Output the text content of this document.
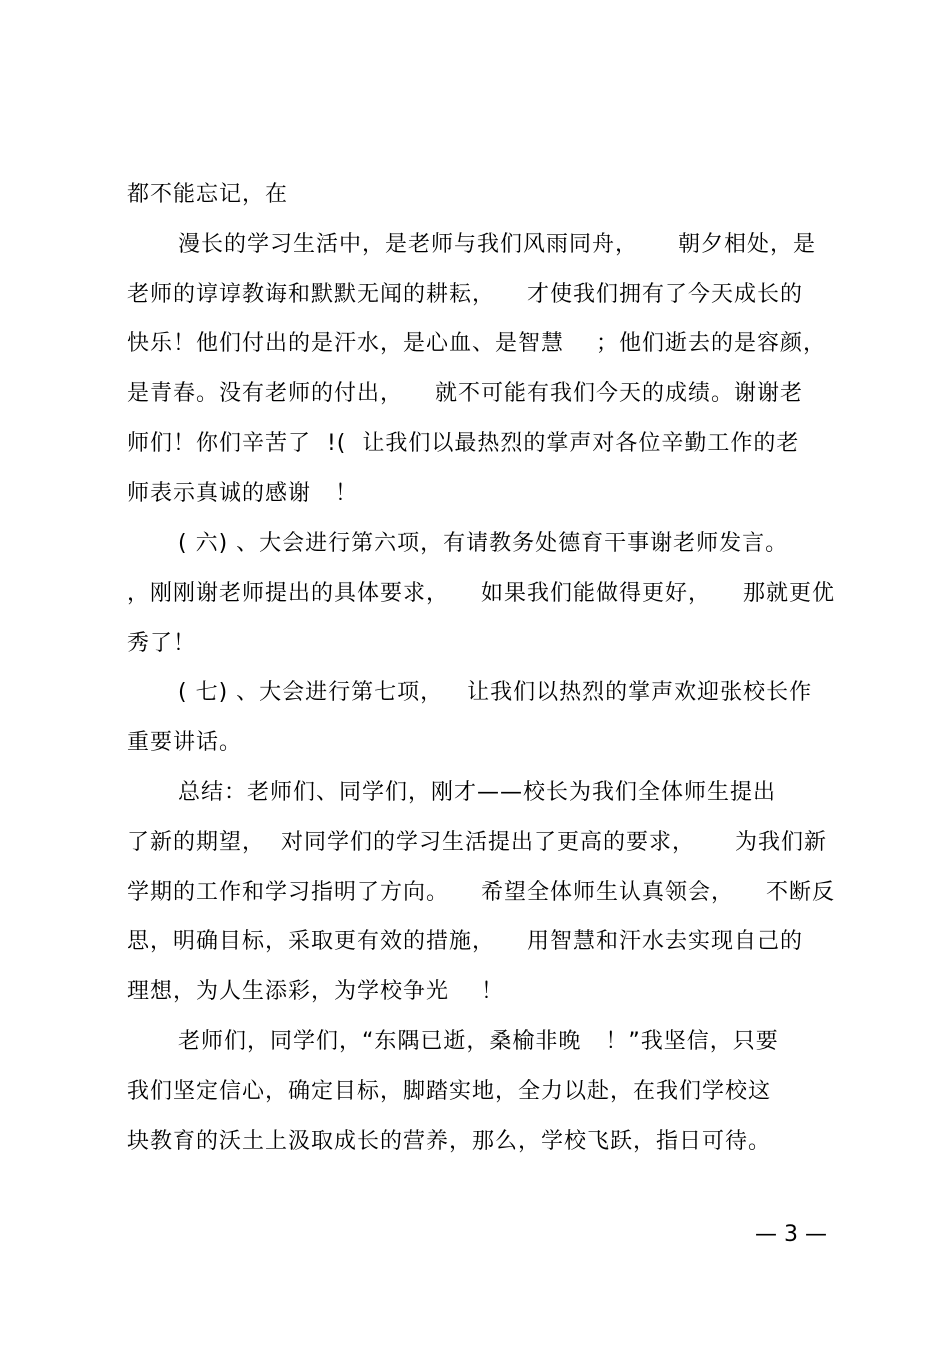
都不能忘记，在
漫长的学习生活中，是老师与我们风雨同舟，     朝夕相处，是
老师的谆谆教诲和默默无闻的耕耘，    才使我们拥有了今天成长的
快乐！他们付出的是汗水，是心血、是智慧    ；他们逝去的是容颜，
是青春。没有老师的付出，    就不可能有我们今天的成绩。谢谢老
师们！你们辛苦了  !(  让我们以最热烈的掌声对各位辛勤工作的老
师表示真诚的感谢   ！
( 六) 、大会进行第六项，有请教务处德育干事谢老师发言。
，刚刚谢老师提出的具体要求，    如果我们能做得更好，    那就更优
秀了！
( 七) 、大会进行第七项，   让我们以热烈的掌声欢迎张校长作
重要讲话。
总结：老师们、同学们，刚才——校长为我们全体师生提出
了新的期望，  对同学们的学习生活提出了更高的要求，     为我们新
学期的工作和学习指明了方向。    希望全体师生认真领会，    不断反
思，明确目标，采取更有效的措施，    用智慧和汗水去实现自己的
理想，为人生添彩，为学校争光    ！
老师们，同学们，“东隅已逝，桑榆非晚   ！”我坚信，只要
我们坚定信心，确定目标，脚踏实地，全力以赴，在我们学校这
块教育的沃土上汲取成长的营养，那么，学校飞跃，指日可待。
— 3 —
